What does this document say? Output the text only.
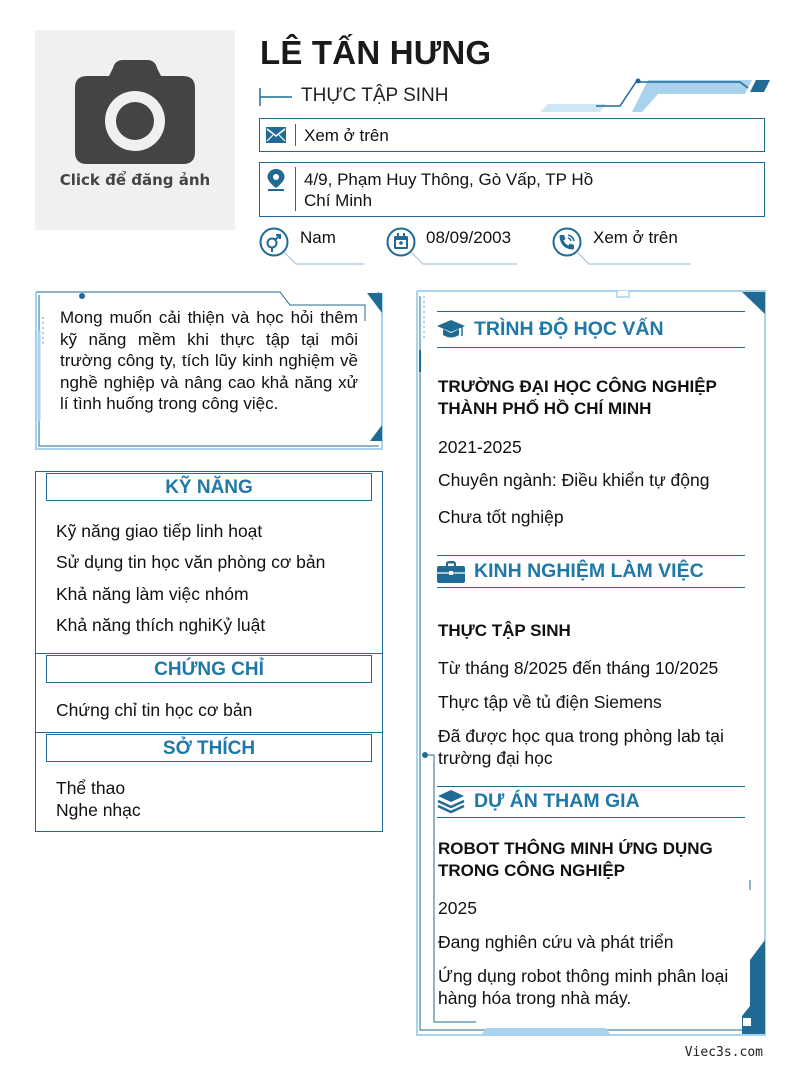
Click để đăng ảnh
LÊ TẤN HƯNG
THỰC TẬP SINH
Xem ở trên
4/9, Phạm Huy Thông, Gò Vấp, TP Hồ Chí Minh
Nam	08/09/2003	Xem ở trên
Mong muốn cải thiện và học hỏi thêm kỹ năng mềm khi thực tập tại môi trường công ty, tích lũy kinh nghiệm về nghề nghiệp và nâng cao khả năng xử lí tình huống trong công việc.
KỸ NĂNG
Kỹ năng giao tiếp linh hoạt
Sử dụng tin học văn phòng cơ bản
Khả năng làm việc nhóm
Khả năng thích nghiKỷ luật
CHỨNG CHỈ
Chứng chỉ tin học cơ bản
SỞ THÍCH
Thể thao
Nghe nhạc
TRÌNH ĐỘ HỌC VẤN
TRƯỜNG ĐẠI HỌC CÔNG NGHIỆP THÀNH PHỐ HỒ CHÍ MINH
2021-2025
Chuyên ngành: Điều khiển tự động
Chưa tốt nghiệp
KINH NGHIỆM LÀM VIỆC
THỰC TẬP SINH
Từ tháng 8/2025 đến tháng 10/2025
Thực tập về tủ điện Siemens
Đã được học qua trong phòng lab tại trường đại học
DỰ ÁN THAM GIA
ROBOT THÔNG MINH ỨNG DỤNG TRONG CÔNG NGHIỆP
2025
Đang nghiên cứu và phát triển
Ứng dụng robot thông minh phân loại hàng hóa trong nhà máy.
Viec3s.com
